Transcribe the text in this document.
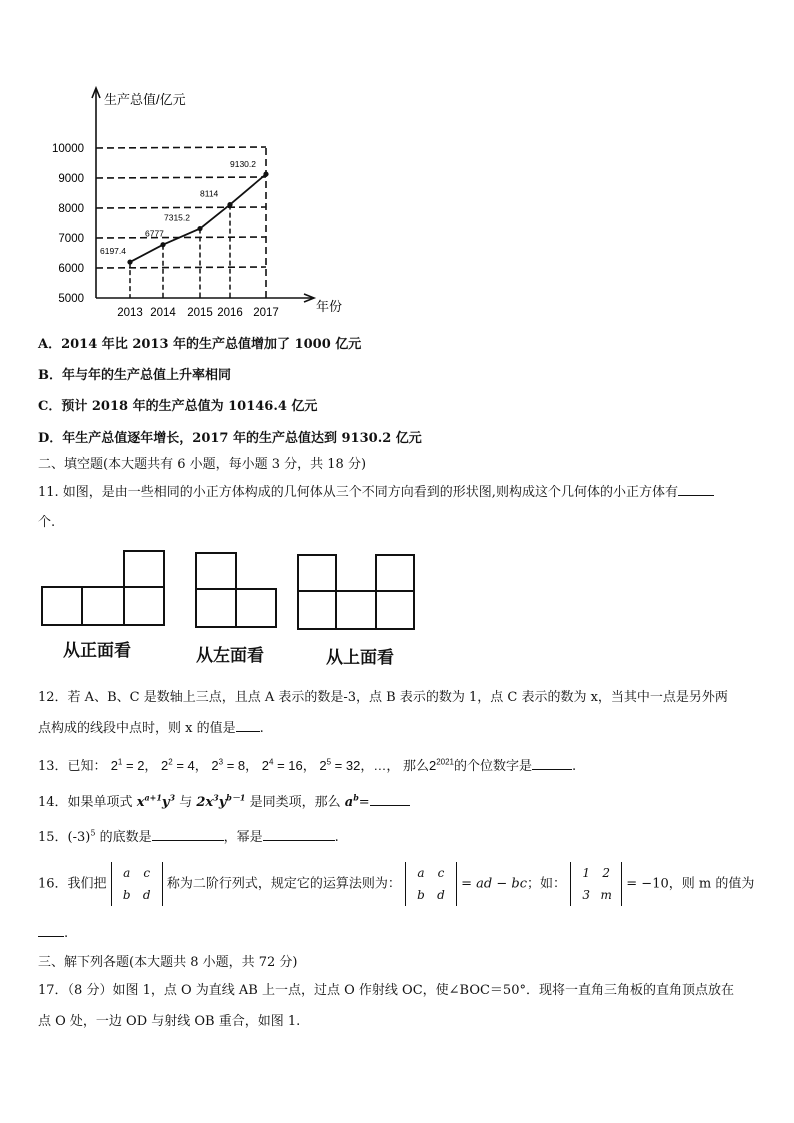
5000
6000
7000
8000
9000
10000
2013 2014 2015 2016 2017
6197.4
6777
7315.2
8114
9130.2
生产总值/亿元
年份
A．2014 年比 2013 年的生产总值增加了 1000 亿元
B．年与年的生产总值上升率相同
C．预计 2018 年的生产总值为 10146.4 亿元
D．年生产总值逐年增长，2017 年的生产总值达到 9130.2 亿元
二、填空题(本大题共有 6 小题，每小题 3 分，共 18 分)
11. 如图，是由一些相同的小正方体构成的几何体从三个不同方向看到的形状图,则构成这个几何体的小正方体有
个.
从正面看	从左面看	从上面看
12．若 A、B、C 是数轴上三点，且点 A 表示的数是-3，点 B 表示的数为 1，点 C 表示的数为 x，当其中一点是另外两
点构成的线段中点时，则 x 的值是 .
13．已知： $2^1 = 2$， $2^2 = 4$， $2^3 = 8$， $2^4 = 16$， $2^5 = 32$，…， 那么$2^{2021}$的个位数字是	.
14．如果单项式 $x^{a+1}y^3$ 与 $2x^3y^{b-1}$ 是同类项，那么 $a^b=$
15．$(-3)^5$ 的底数是	，幂是	.
16．我们把
a c
b d
称为二阶行列式，规定它的运算法则为：
a c
b d
= ad − bc；如：
1 2
3 m
= −10，则 m 的值为
.
三、解下列各题(本大题共 8 小题，共 72 分)
17．（8 分）如图 1，点 O 为直线 AB 上一点，过点 O 作射线 OC，使∠BOC＝50°．现将一直角三角板的直角顶点放在
点 O 处，一边 OD 与射线 OB 重合，如图 1.
